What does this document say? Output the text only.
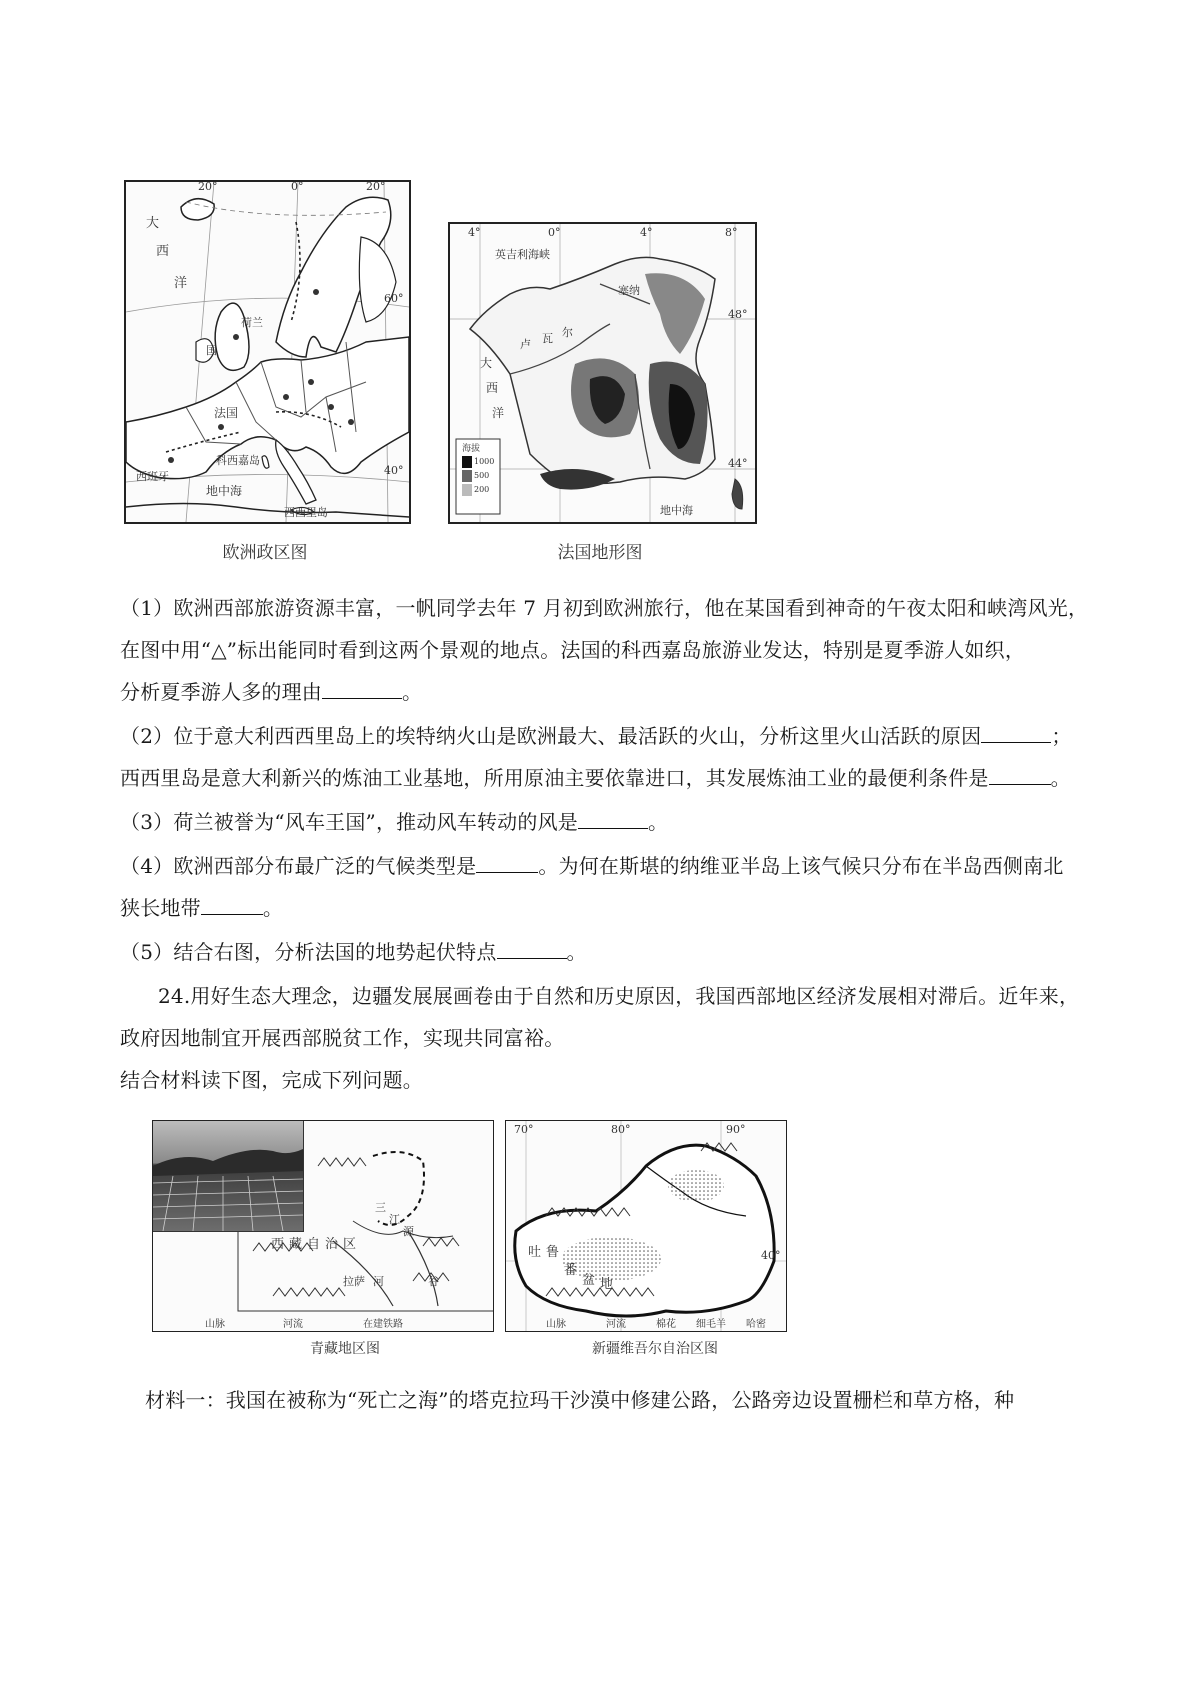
20°	0°	20°
60°
40°
大
西
洋
荷兰
国
法国
西班牙
科西嘉岛
地中海
西西里岛
欧洲政区图
4°	0°	4°	8°
48°
44°
英吉利海峡
塞纳
卢 瓦 尔
大
西
洋
地中海
海拔
1000
500
200
法国地形图
（1）欧洲西部旅游资源丰富，一帆同学去年 7 月初到欧洲旅行，他在某国看到神奇的午夜太阳和峡湾风光，
在图中用“△”标出能同时看到这两个景观的地点。法国的科西嘉岛旅游业发达，特别是夏季游人如织，
分析夏季游人多的理由	。
（2）位于意大利西西里岛上的埃特纳火山是欧洲最大、最活跃的火山，分析这里火山活跃的原因	；
西西里岛是意大利新兴的炼油工业基地，所用原油主要依靠进口，其发展炼油工业的最便利条件是	。
（3）荷兰被誉为“风车王国”，推动风车转动的风是	。
（4）欧洲西部分布最广泛的气候类型是	。为何在斯堪的纳维亚半岛上该气候只分布在半岛西侧南北
狭长地带	。
（5）结合右图，分析法国的地势起伏特点	。
24.用好生态大理念，边疆发展展画卷由于自然和历史原因，我国西部地区经济发展相对滞后。近年来，
政府因地制宜开展西部脱贫工作，实现共同富裕。
结合材料读下图，完成下列问题。
西 藏 自 治 区
三
江
源
拉萨 河	谷
山脉	河流	在建铁路
青藏地区图
70°	80°	90°
40°
吐 鲁
番
盆 地
山脉	河流	棉花 细毛羊 哈密
新疆维吾尔自治区图
材料一：我国在被称为“死亡之海”的塔克拉玛干沙漠中修建公路，公路旁边设置栅栏和草方格，种
